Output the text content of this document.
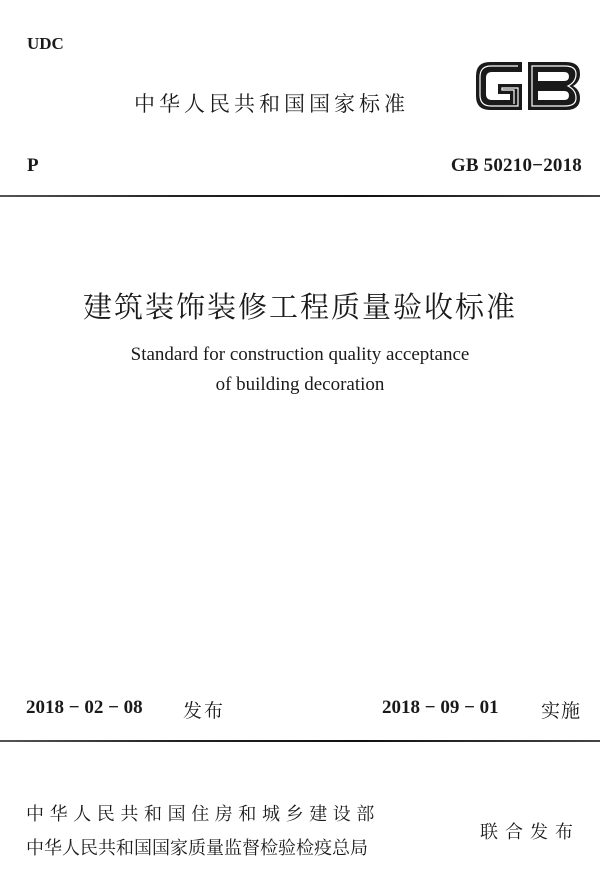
UDC
中华人民共和国国家标准
P	GB 50210−2018
建筑装饰装修工程质量验收标准
Standard for construction quality acceptance
of building decoration
2018 − 02 − 08 发布	2018 − 09 − 01 实施
中华人民共和国住房和城乡建设部
中华人民共和国国家质量监督检验检疫总局
联合发布
